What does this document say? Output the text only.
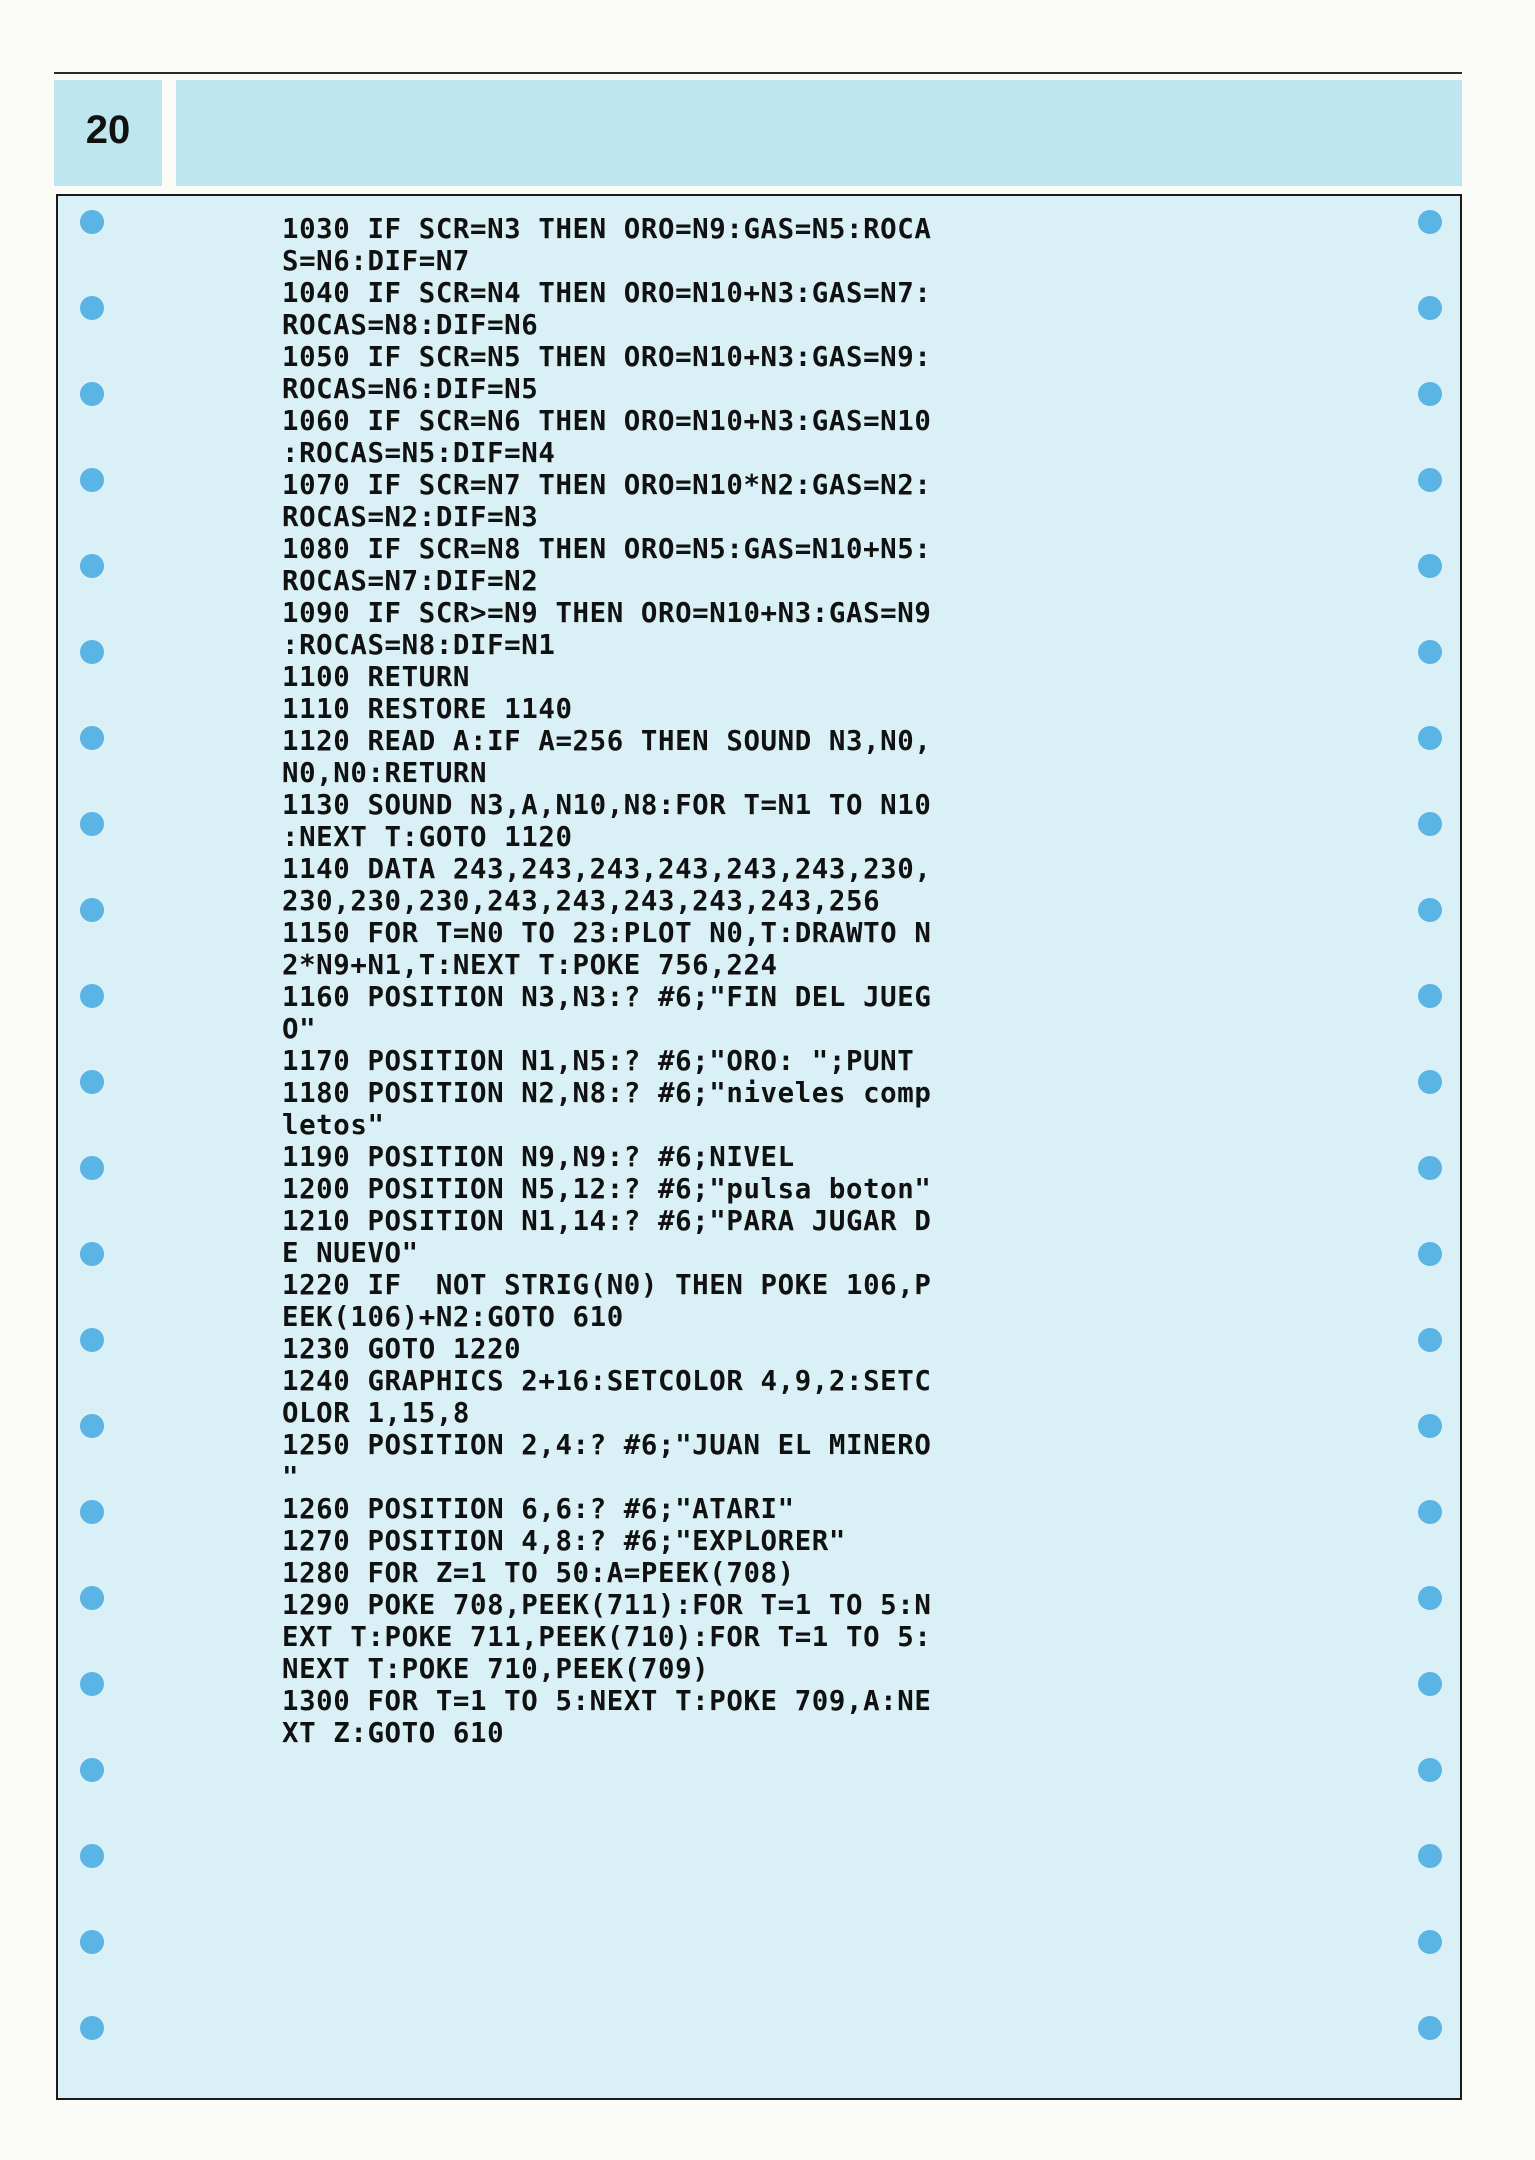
20
1030 IF SCR=N3 THEN ORO=N9:GAS=N5:ROCA
S=N6:DIF=N7
1040 IF SCR=N4 THEN ORO=N10+N3:GAS=N7:
ROCAS=N8:DIF=N6
1050 IF SCR=N5 THEN ORO=N10+N3:GAS=N9:
ROCAS=N6:DIF=N5
1060 IF SCR=N6 THEN ORO=N10+N3:GAS=N10
:ROCAS=N5:DIF=N4
1070 IF SCR=N7 THEN ORO=N10*N2:GAS=N2:
ROCAS=N2:DIF=N3
1080 IF SCR=N8 THEN ORO=N5:GAS=N10+N5:
ROCAS=N7:DIF=N2
1090 IF SCR>=N9 THEN ORO=N10+N3:GAS=N9
:ROCAS=N8:DIF=N1
1100 RETURN
1110 RESTORE 1140
1120 READ A:IF A=256 THEN SOUND N3,N0,
N0,N0:RETURN
1130 SOUND N3,A,N10,N8:FOR T=N1 TO N10
:NEXT T:GOTO 1120
1140 DATA 243,243,243,243,243,243,230,
230,230,230,243,243,243,243,243,256
1150 FOR T=N0 TO 23:PLOT N0,T:DRAWTO N
2*N9+N1,T:NEXT T:POKE 756,224
1160 POSITION N3,N3:? #6;"FIN DEL JUEG
O"
1170 POSITION N1,N5:? #6;"ORO: ";PUNT
1180 POSITION N2,N8:? #6;"niveles comp
letos"
1190 POSITION N9,N9:? #6;NIVEL
1200 POSITION N5,12:? #6;"pulsa boton"
1210 POSITION N1,14:? #6;"PARA JUGAR D
E NUEVO"
1220 IF  NOT STRIG(N0) THEN POKE 106,P
EEK(106)+N2:GOTO 610
1230 GOTO 1220
1240 GRAPHICS 2+16:SETCOLOR 4,9,2:SETC
OLOR 1,15,8
1250 POSITION 2,4:? #6;"JUAN EL MINERO
"
1260 POSITION 6,6:? #6;"ATARI"
1270 POSITION 4,8:? #6;"EXPLORER"
1280 FOR Z=1 TO 50:A=PEEK(708)
1290 POKE 708,PEEK(711):FOR T=1 TO 5:N
EXT T:POKE 711,PEEK(710):FOR T=1 TO 5:
NEXT T:POKE 710,PEEK(709)
1300 FOR T=1 TO 5:NEXT T:POKE 709,A:NE
XT Z:GOTO 610
